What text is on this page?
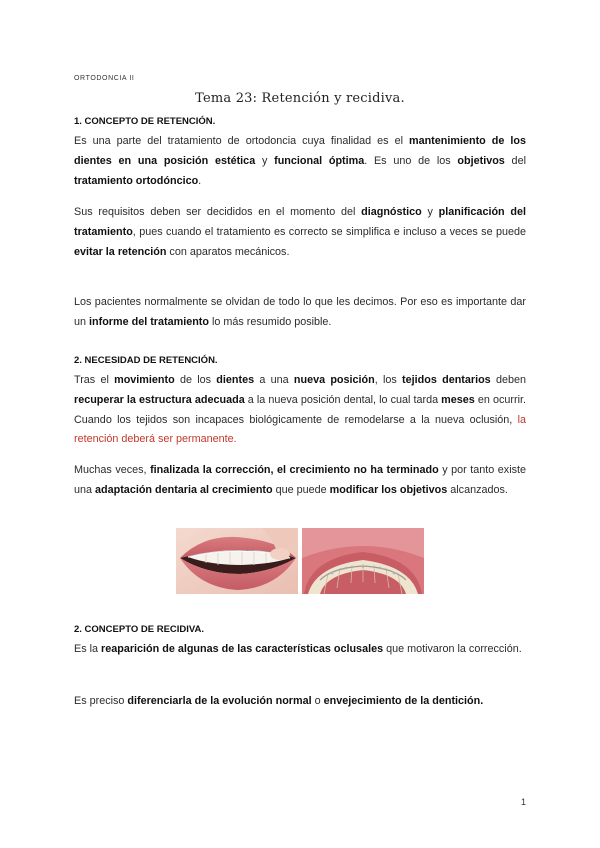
ORTODONCIA II
Tema 23: Retención y recidiva.
1. CONCEPTO DE RETENCIÓN.
Es una parte del tratamiento de ortodoncia cuya finalidad es el mantenimiento de los dientes en una posición estética y funcional óptima. Es uno de los objetivos del tratamiento ortodóncico.
Sus requisitos deben ser decididos en el momento del diagnóstico y planificación del tratamiento, pues cuando el tratamiento es correcto se simplifica e incluso a veces se puede evitar la retención con aparatos mecánicos.
Los pacientes normalmente se olvidan de todo lo que les decimos. Por eso es importante dar un informe del tratamiento lo más resumido posible.
2. NECESIDAD DE RETENCIÓN.
Tras el movimiento de los dientes a una nueva posición, los tejidos dentarios deben recuperar la estructura adecuada a la nueva posición dental, lo cual tarda meses en ocurrir. Cuando los tejidos son incapaces biológicamente de remodelarse a la nueva oclusión, la retención deberá ser permanente.
Muchas veces, finalizada la corrección, el crecimiento no ha terminado y por tanto existe una adaptación dentaria al crecimiento que puede modificar los objetivos alcanzados.
2. CONCEPTO DE RECIDIVA.
Es la reaparición de algunas de las características oclusales que motivaron la corrección.
Es preciso diferenciarla de la evolución normal o envejecimiento de la dentición.
1
